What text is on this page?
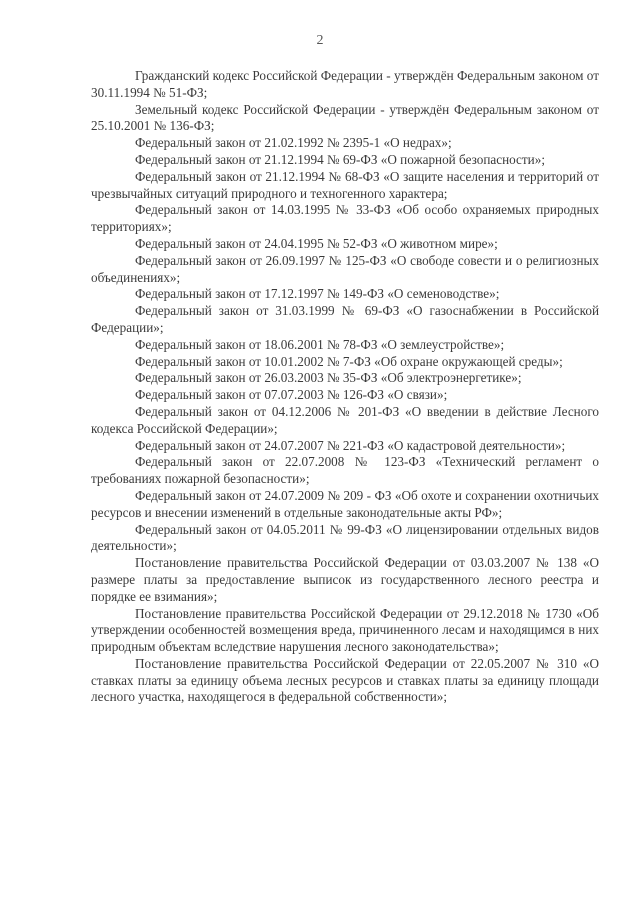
2

Гражданский кодекс Российской Федерации - утверждён Федеральным законом от 30.11.1994 № 51-ФЗ;

Земельный кодекс Российской Федерации - утверждён Федеральным законом от 25.10.2001 № 136-ФЗ;

Федеральный закон от 21.02.1992 № 2395-1 «О недрах»;

Федеральный закон от 21.12.1994 № 69-ФЗ «О пожарной безопасности»;

Федеральный закон от 21.12.1994 № 68-ФЗ «О защите населения и территорий от чрезвычайных ситуаций природного и техногенного характера;

Федеральный закон от 14.03.1995 № 33-ФЗ «Об особо охраняемых природных территориях»;

Федеральный закон от 24.04.1995 № 52-ФЗ «О животном мире»;

Федеральный закон от 26.09.1997 № 125-ФЗ «О свободе совести и о религиозных объединениях»;

Федеральный закон от 17.12.1997 № 149-ФЗ «О семеноводстве»;

Федеральный закон от 31.03.1999 № 69-ФЗ «О газоснабжении в Российской Федерации»;

Федеральный закон от 18.06.2001 № 78-ФЗ «О землеустройстве»;

Федеральный закон от 10.01.2002 № 7-ФЗ «Об охране окружающей среды»;

Федеральный закон от 26.03.2003 № 35-ФЗ «Об электроэнергетике»;

Федеральный закон от 07.07.2003 № 126-ФЗ «О связи»;

Федеральный закон от 04.12.2006 № 201-ФЗ «О введении в действие Лесного кодекса Российской Федерации»;

Федеральный закон от 24.07.2007 № 221-ФЗ «О кадастровой деятельности»;

Федеральный закон от 22.07.2008 № 123-ФЗ «Технический регламент о требованиях пожарной безопасности»;

Федеральный закон от 24.07.2009 № 209 - ФЗ «Об охоте и сохранении охотничьих ресурсов и внесении изменений в отдельные законодательные акты РФ»;

Федеральный закон от 04.05.2011 № 99-ФЗ «О лицензировании отдельных видов деятельности»;

Постановление правительства Российской Федерации от 03.03.2007 № 138 «О размере платы за предоставление выписок из государственного лесного реестра и порядке ее взимания»;

Постановление правительства Российской Федерации от 29.12.2018 № 1730 «Об утверждении особенностей возмещения вреда, причиненного лесам и находящимся в них природным объектам вследствие нарушения лесного законодательства»;

Постановление правительства Российской Федерации от 22.05.2007 № 310 «О ставках платы за единицу объема лесных ресурсов и ставках платы за единицу площади лесного участка, находящегося в федеральной собственности»;
